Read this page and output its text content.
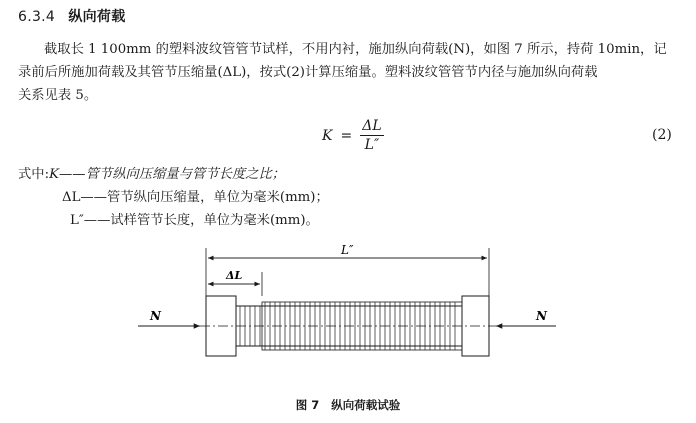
6.3.4 纵向荷载

截取长 1 100mm 的塑料波纹管管节试样，不用内衬，施加纵向荷载(N)，如图 7 所示，持荷 10min，记

录前后所施加荷载及其管节压缩量(ΔL)，按式(2)计算压缩量。塑料波纹管管节内径与施加纵向荷载

关系见表 5。

$K = \frac{\Delta L}{L''}$	(2)
式中:K——管节纵向压缩量与管节长度之比；
ΔL——管节纵向压缩量，单位为毫米(mm)；
L″——试样管节长度，单位为毫米(mm)。
L″
ΔL
N	N
图 7 纵向荷载试验
